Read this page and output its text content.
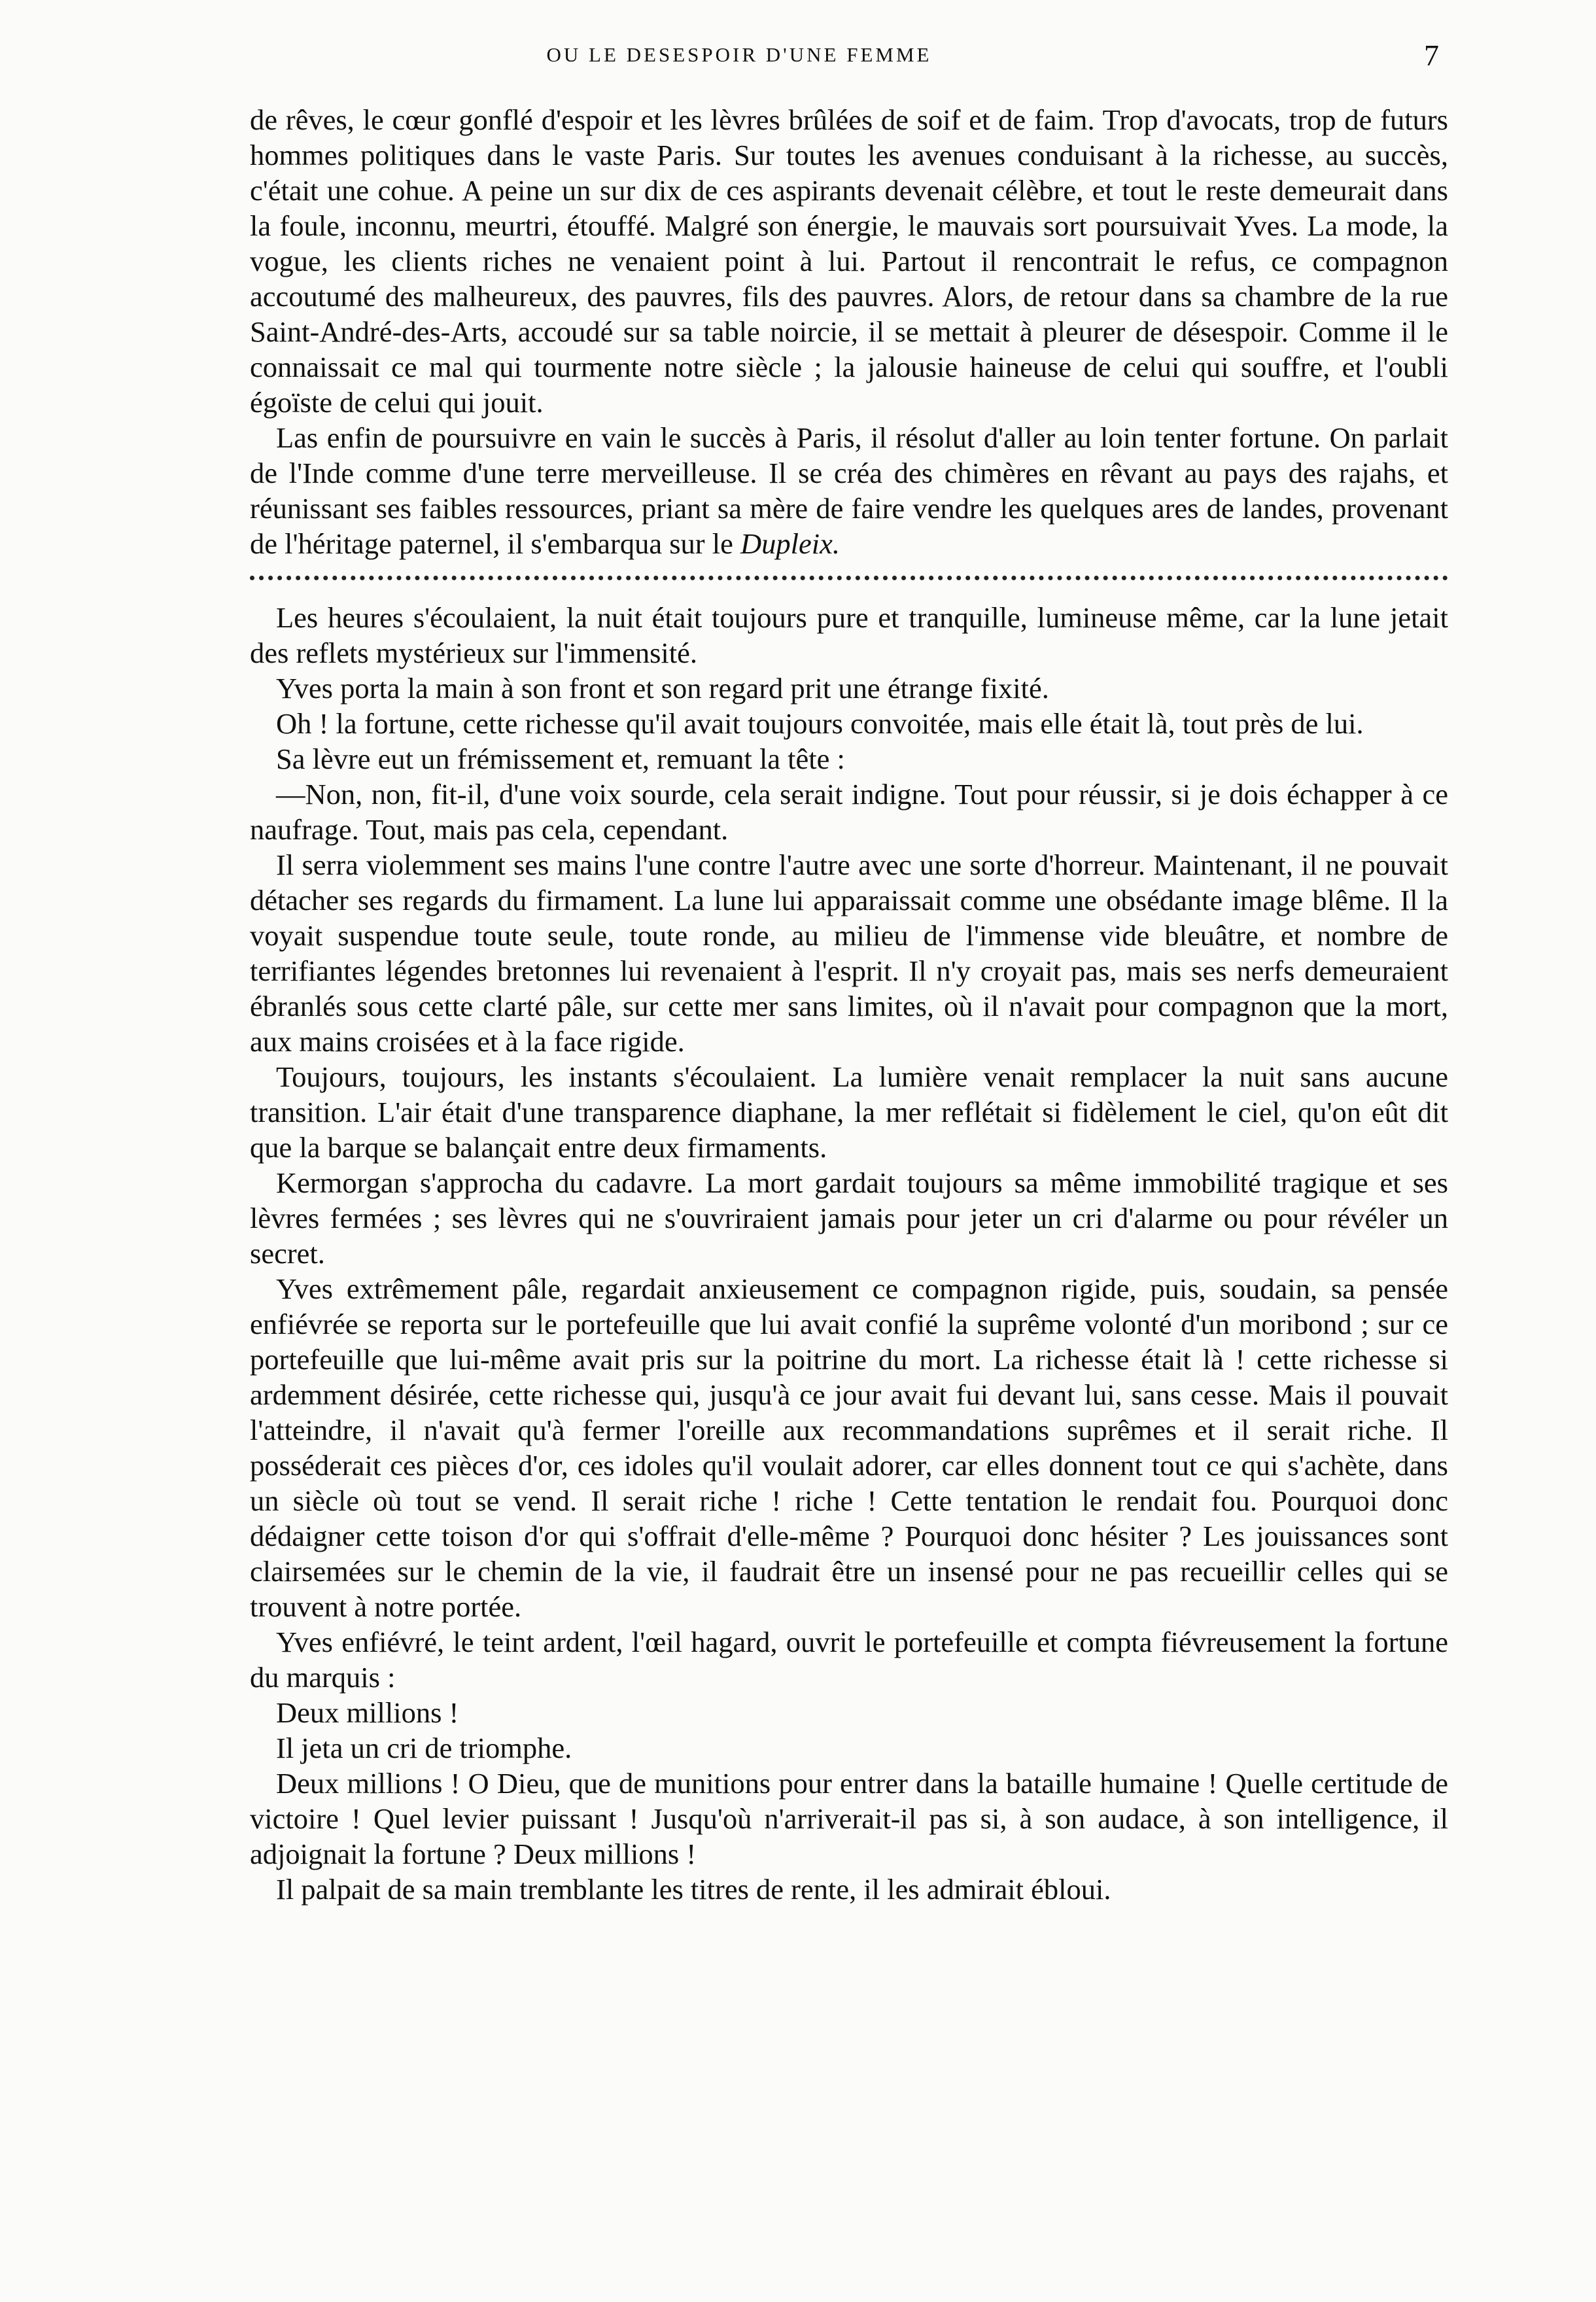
OU LE DESESPOIR D'UNE FEMME	7

de rêves, le cœur gonflé d'espoir et les lèvres brûlées de soif et de faim. Trop d'avocats, trop de futurs hommes politiques dans le vaste Paris. Sur toutes les avenues conduisant à la richesse, au succès, c'était une cohue. A peine un sur dix de ces aspirants devenait célèbre, et tout le reste demeurait dans la foule, inconnu, meurtri, étouffé. Malgré son énergie, le mauvais sort poursuivait Yves. La mode, la vogue, les clients riches ne venaient point à lui. Partout il rencontrait le refus, ce compagnon accoutumé des malheureux, des pauvres, fils des pauvres. Alors, de retour dans sa chambre de la rue Saint-André-des-Arts, accoudé sur sa table noircie, il se mettait à pleurer de désespoir. Comme il le connaissait ce mal qui tourmente notre siècle ; la jalousie haineuse de celui qui souffre, et l'oubli égoïste de celui qui jouit.

Las enfin de poursuivre en vain le succès à Paris, il résolut d'aller au loin tenter fortune. On parlait de l'Inde comme d'une terre merveilleuse. Il se créa des chimères en rêvant au pays des rajahs, et réunissant ses faibles ressources, priant sa mère de faire vendre les quelques ares de landes, provenant de l'héritage paternel, il s'embarqua sur le Dupleix.

Les heures s'écoulaient, la nuit était toujours pure et tranquille, lumineuse même, car la lune jetait des reflets mystérieux sur l'immensité.

Yves porta la main à son front et son regard prit une étrange fixité.

Oh ! la fortune, cette richesse qu'il avait toujours convoitée, mais elle était là, tout près de lui.

Sa lèvre eut un frémissement et, remuant la tête :

—Non, non, fit-il, d'une voix sourde, cela serait indigne. Tout pour réussir, si je dois échapper à ce naufrage. Tout, mais pas cela, cependant.

Il serra violemment ses mains l'une contre l'autre avec une sorte d'horreur. Maintenant, il ne pouvait détacher ses regards du firmament. La lune lui apparaissait comme une obsédante image blême. Il la voyait suspendue toute seule, toute ronde, au milieu de l'immense vide bleuâtre, et nombre de terrifiantes légendes bretonnes lui revenaient à l'esprit. Il n'y croyait pas, mais ses nerfs demeuraient ébranlés sous cette clarté pâle, sur cette mer sans limites, où il n'avait pour compagnon que la mort, aux mains croisées et à la face rigide.

Toujours, toujours, les instants s'écoulaient. La lumière venait remplacer la nuit sans aucune transition. L'air était d'une transparence diaphane, la mer reflétait si fidèlement le ciel, qu'on eût dit que la barque se balançait entre deux firmaments.

Kermorgan s'approcha du cadavre. La mort gardait toujours sa même immobilité tragique et ses lèvres fermées ; ses lèvres qui ne s'ouvriraient jamais pour jeter un cri d'alarme ou pour révéler un secret.

Yves extrêmement pâle, regardait anxieusement ce compagnon rigide, puis, soudain, sa pensée enfiévrée se reporta sur le portefeuille que lui avait confié la suprême volonté d'un moribond ; sur ce portefeuille que lui-même avait pris sur la poitrine du mort. La richesse était là ! cette richesse si ardemment désirée, cette richesse qui, jusqu'à ce jour avait fui devant lui, sans cesse. Mais il pouvait l'atteindre, il n'avait qu'à fermer l'oreille aux recommandations suprêmes et il serait riche. Il posséderait ces pièces d'or, ces idoles qu'il voulait adorer, car elles donnent tout ce qui s'achète, dans un siècle où tout se vend. Il serait riche ! riche ! Cette tentation le rendait fou. Pourquoi donc dédaigner cette toison d'or qui s'offrait d'elle-même ? Pourquoi donc hésiter ? Les jouissances sont clairsemées sur le chemin de la vie, il faudrait être un insensé pour ne pas recueillir celles qui se trouvent à notre portée.

Yves enfiévré, le teint ardent, l'œil hagard, ouvrit le portefeuille et compta fiévreusement la fortune du marquis :

Deux millions !

Il jeta un cri de triomphe.

Deux millions ! O Dieu, que de munitions pour entrer dans la bataille humaine ! Quelle certitude de victoire ! Quel levier puissant ! Jusqu'où n'arriverait-il pas si, à son audace, à son intelligence, il adjoignait la fortune ? Deux millions !

Il palpait de sa main tremblante les titres de rente, il les admirait ébloui.
